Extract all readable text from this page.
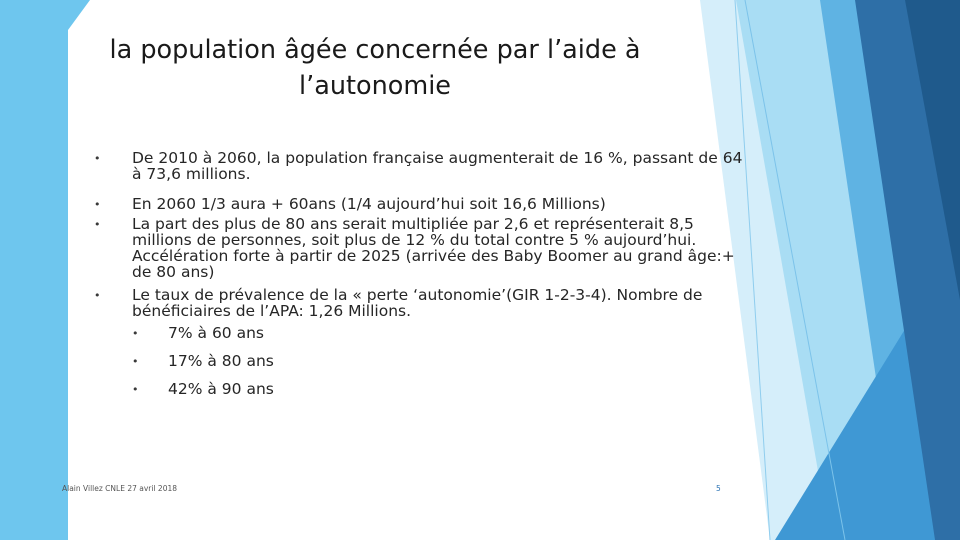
la population âgée concernée par l’aide à l’autonomie
• De 2010 à 2060, la population française augmenterait de 16 %, passant de 64 à 73,6 millions.
• En 2060 1/3 aura + 60ans (1/4 aujourd’hui soit 16,6 Millions)
• La part des plus de 80 ans serait multipliée par 2,6 et représenterait 8,5 millions de personnes, soit plus de 12 % du total contre 5 % aujourd’hui. Accélération forte à partir de 2025 (arrivée des Baby Boomer au grand âge:+ de 80 ans)
• Le taux de prévalence de la « perte ‘autonomie’(GIR 1-2-3-4). Nombre de bénéficiaires de l’APA: 1,26 Millions.
• 7% à 60 ans
• 17% à 80 ans
• 42% à 90 ans
Alain Villez CNLE 27 avril 2018	5
